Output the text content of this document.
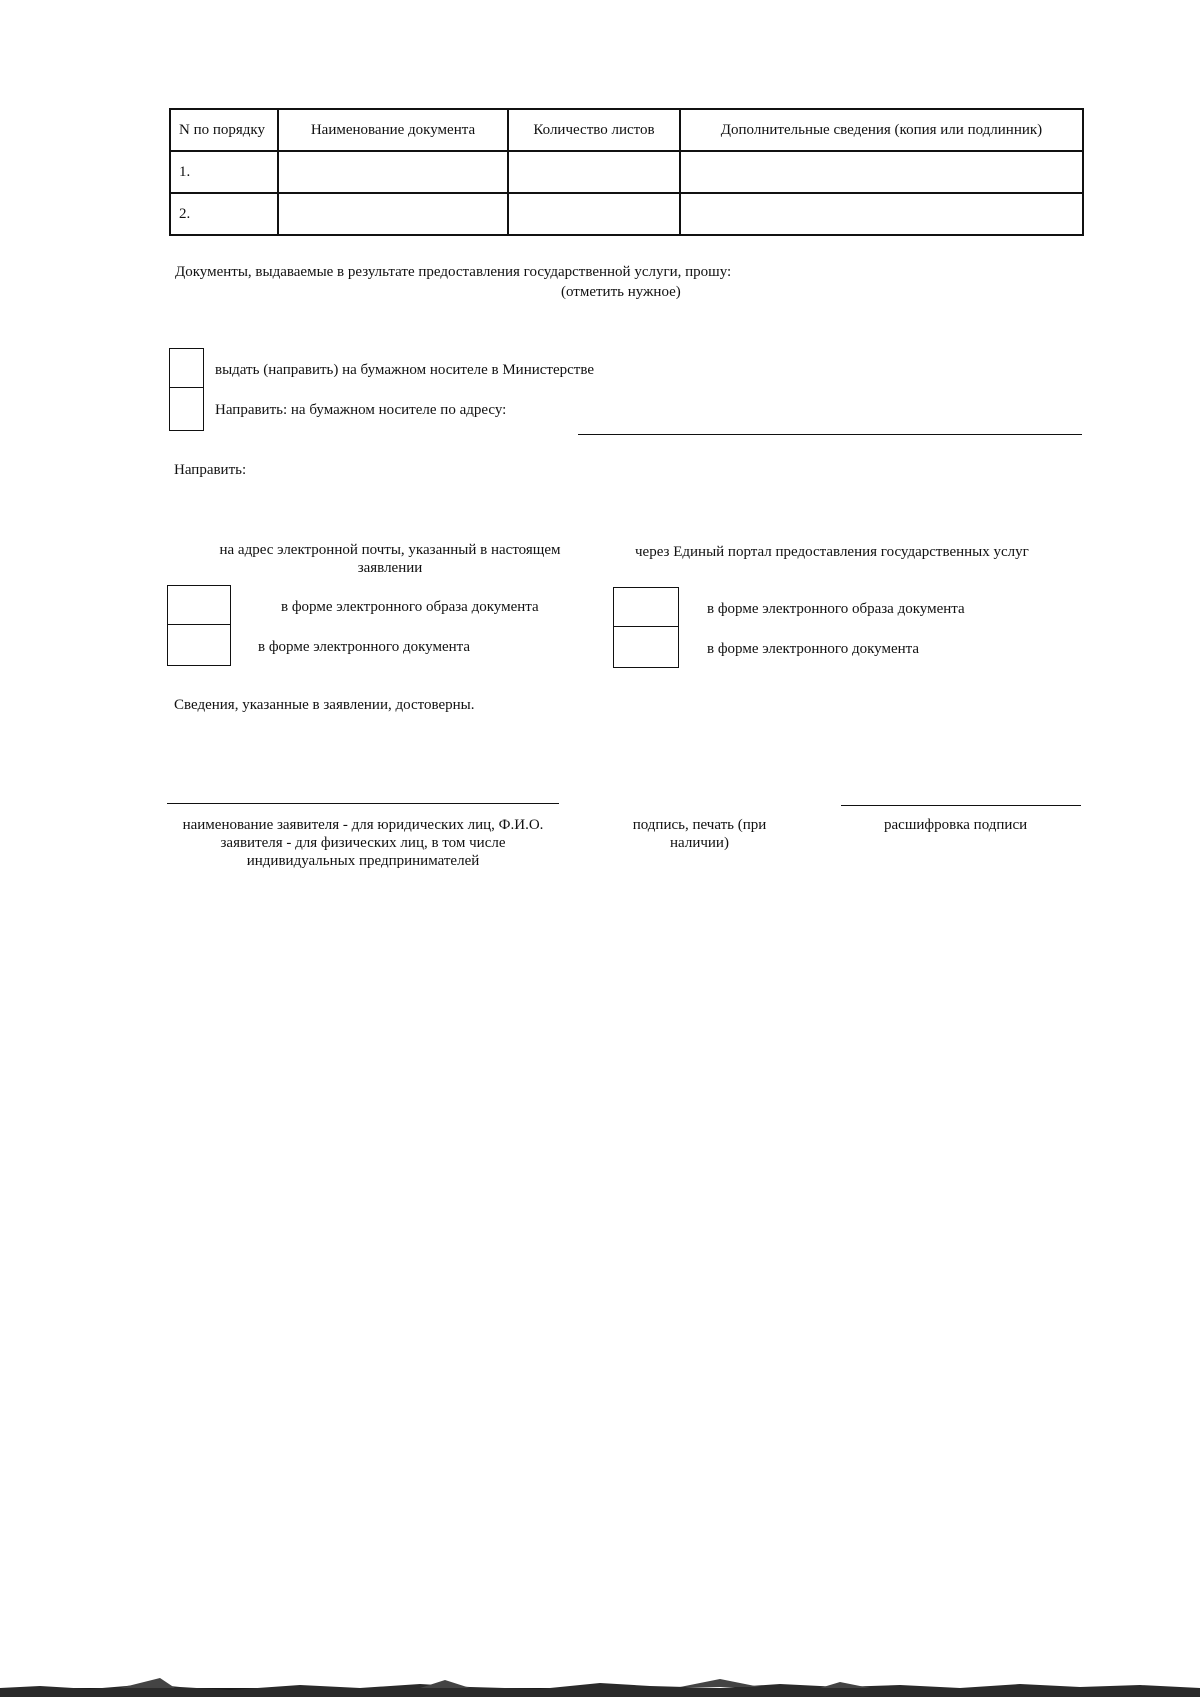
N по порядку	Наименование документа	Количество листов	Дополнительные сведения (копия или подлинник)
1.			
2.			
Документы, выдаваемые в результате предоставления государственной услуги, прошу:
(отметить нужное)
выдать (направить) на бумажном носителе в Министерстве
Направить: на бумажном носителе по адресу:
Направить:
на адрес электронной почты, указанный в настоящем заявлении
в форме электронного образа документа
в форме электронного документа
через Единый портал предоставления государственных услуг
в форме электронного образа документа
в форме электронного документа
Сведения, указанные в заявлении, достоверны.
наименование заявителя - для юридических лиц, Ф.И.О. заявителя - для физических лиц, в том числе индивидуальных предпринимателей
подпись, печать (при наличии)
расшифровка подписи
